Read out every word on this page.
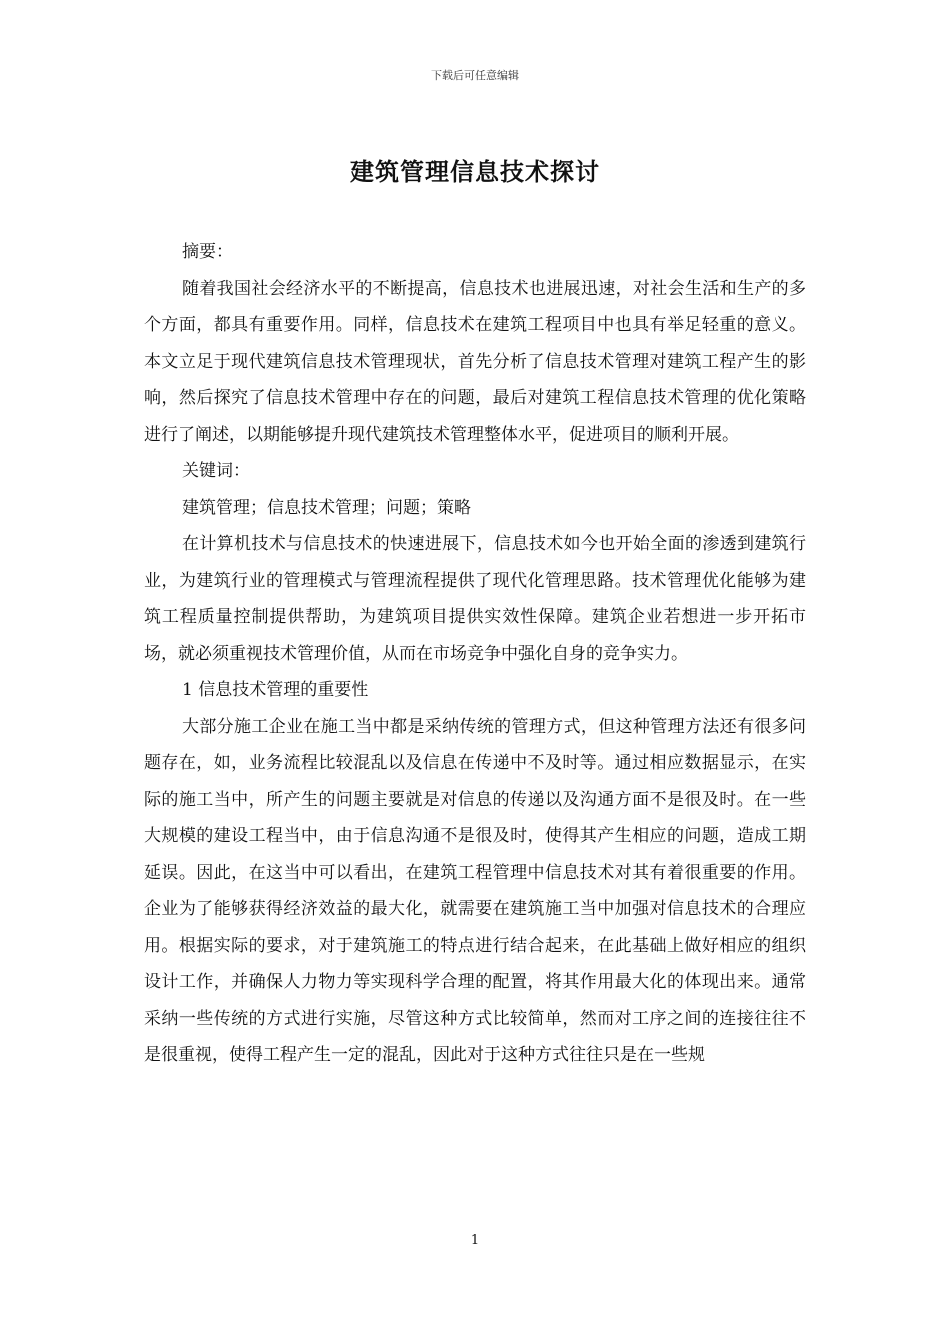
下载后可任意编辑
建筑管理信息技术探讨

摘要：

随着我国社会经济水平的不断提高，信息技术也进展迅速，对社会生活和生产的多个方面，都具有重要作用。同样，信息技术在建筑工程项目中也具有举足轻重的意义。本文立足于现代建筑信息技术管理现状，首先分析了信息技术管理对建筑工程产生的影响，然后探究了信息技术管理中存在的问题，最后对建筑工程信息技术管理的优化策略进行了阐述，以期能够提升现代建筑技术管理整体水平，促进项目的顺利开展。

关键词：

建筑管理；信息技术管理；问题；策略

在计算机技术与信息技术的快速进展下，信息技术如今也开始全面的渗透到建筑行业，为建筑行业的管理模式与管理流程提供了现代化管理思路。技术管理优化能够为建筑工程质量控制提供帮助，为建筑项目提供实效性保障。建筑企业若想进一步开拓市场，就必须重视技术管理价值，从而在市场竞争中强化自身的竞争实力。

1 信息技术管理的重要性

大部分施工企业在施工当中都是采纳传统的管理方式，但这种管理方法还有很多问题存在，如，业务流程比较混乱以及信息在传递中不及时等。通过相应数据显示，在实际的施工当中，所产生的问题主要就是对信息的传递以及沟通方面不是很及时。在一些大规模的建设工程当中，由于信息沟通不是很及时，使得其产生相应的问题，造成工期延误。因此，在这当中可以看出，在建筑工程管理中信息技术对其有着很重要的作用。企业为了能够获得经济效益的最大化，就需要在建筑施工当中加强对信息技术的合理应用。根据实际的要求，对于建筑施工的特点进行结合起来，在此基础上做好相应的组织设计工作，并确保人力物力等实现科学合理的配置，将其作用最大化的体现出来。通常采纳一些传统的方式进行实施，尽管这种方式比较简单，然而对工序之间的连接往往不是很重视，使得工程产生一定的混乱，因此对于这种方式往往只是在一些规

1
